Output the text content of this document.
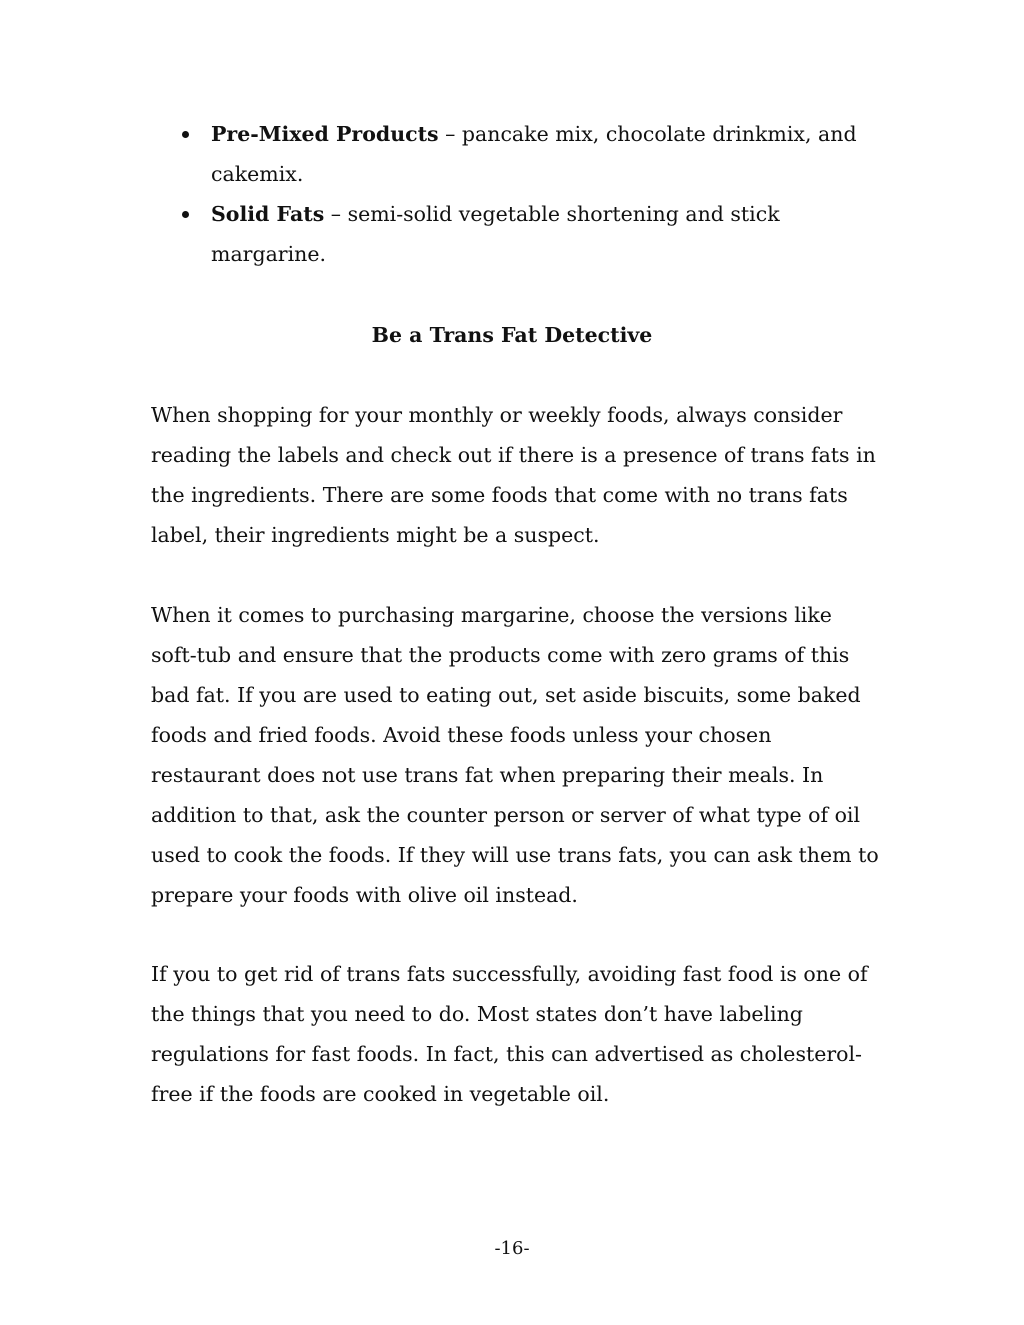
Pre-Mixed Products – pancake mix, chocolate drinkmix, and cakemix.
Solid Fats – semi-solid vegetable shortening and stick margarine.
Be a Trans Fat Detective

When shopping for your monthly or weekly foods, always consider reading the labels and check out if there is a presence of trans fats in the ingredients. There are some foods that come with no trans fats label, their ingredients might be a suspect.

When it comes to purchasing margarine, choose the versions like soft-tub and ensure that the products come with zero grams of this bad fat. If you are used to eating out, set aside biscuits, some baked foods and fried foods. Avoid these foods unless your chosen restaurant does not use trans fat when preparing their meals. In addition to that, ask the counter person or server of what type of oil used to cook the foods. If they will use trans fats, you can ask them to prepare your foods with olive oil instead.

If you to get rid of trans fats successfully, avoiding fast food is one of the things that you need to do. Most states don’t have labeling regulations for fast foods. In fact, this can advertised as cholesterol-free if the foods are cooked in vegetable oil.

-16-
